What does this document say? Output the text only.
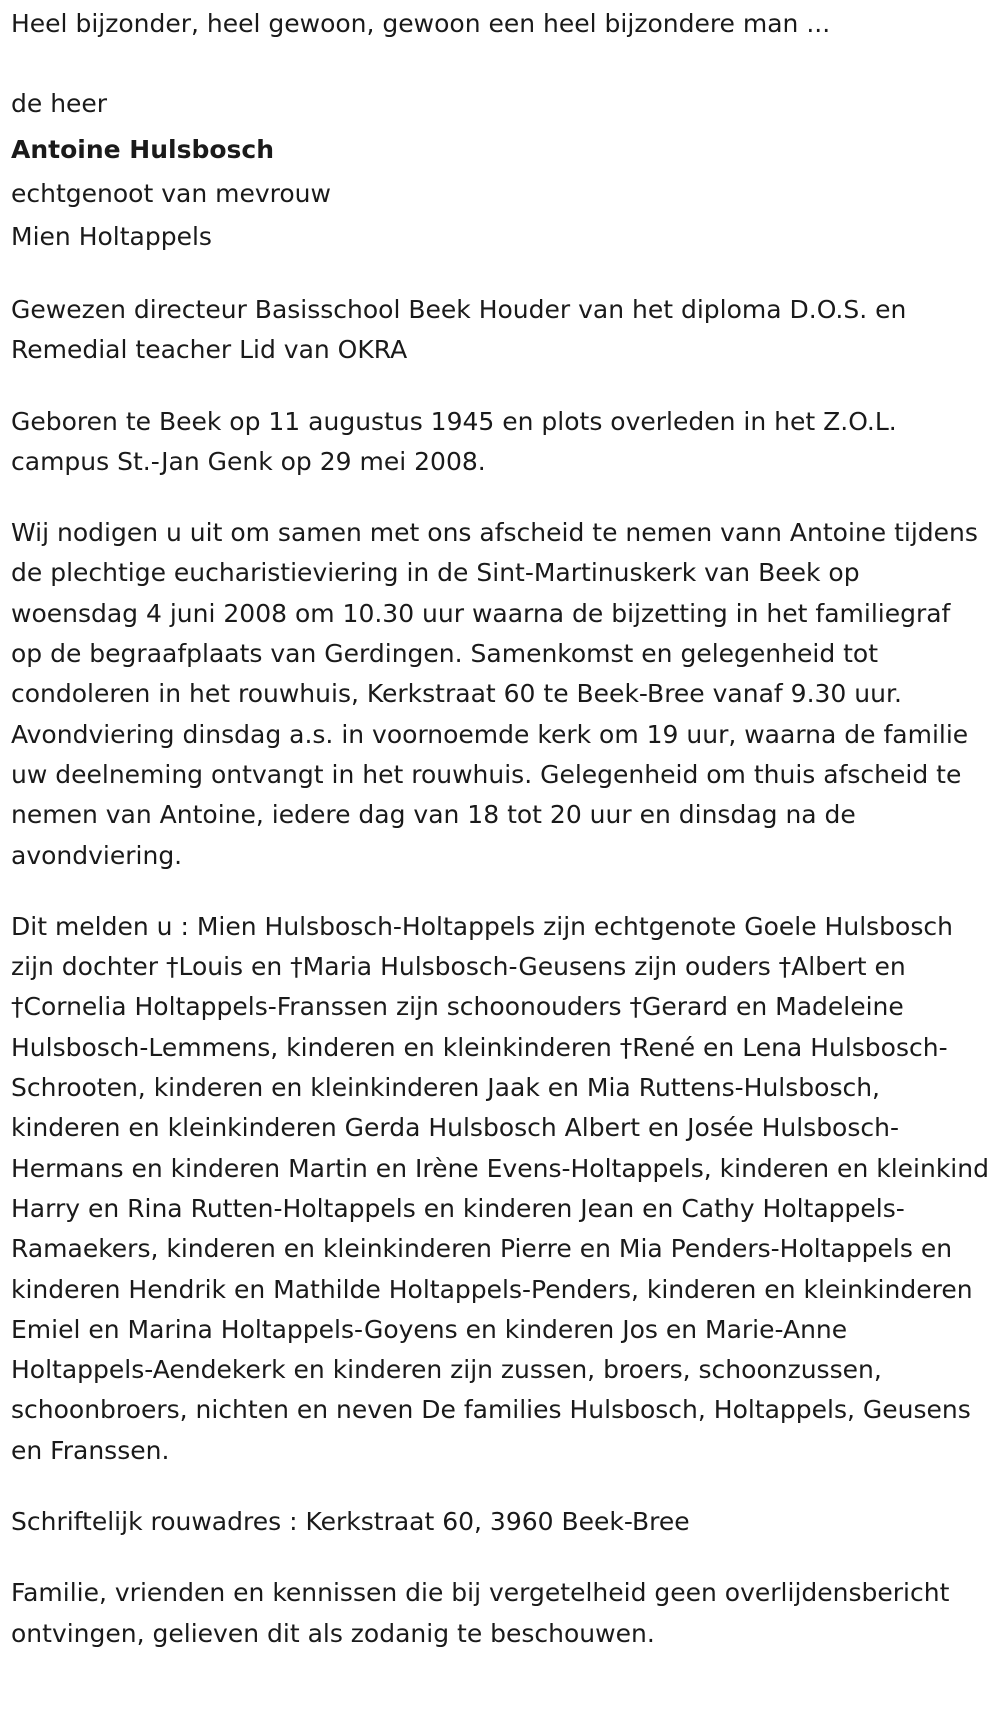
Heel bijzonder, heel gewoon, gewoon een heel bijzondere man ...

de heer

Antoine Hulsbosch

echtgenoot van mevrouw

Mien Holtappels

Gewezen directeur Basisschool Beek Houder van het diploma D.O.S. en Remedial teacher Lid van OKRA

Geboren te Beek op 11 augustus 1945 en plots overleden in het Z.O.L. campus St.-Jan Genk op 29 mei 2008.

Wij nodigen u uit om samen met ons afscheid te nemen vann Antoine tijdens de plechtige eucharistieviering in de Sint-Martinuskerk van Beek op woensdag 4 juni 2008 om 10.30 uur waarna de bijzetting in het familiegraf op de begraafplaats van Gerdingen. Samenkomst en gelegenheid tot condoleren in het rouwhuis, Kerkstraat 60 te Beek-Bree vanaf 9.30 uur. Avondviering dinsdag a.s. in voornoemde kerk om 19 uur, waarna de familie uw deelneming ontvangt in het rouwhuis. Gelegenheid om thuis afscheid te nemen van Antoine, iedere dag van 18 tot 20 uur en dinsdag na de avondviering.

Dit melden u : Mien Hulsbosch-Holtappels zijn echtgenote Goele Hulsbosch zijn dochter †Louis en †Maria Hulsbosch-Geusens zijn ouders †Albert en †Cornelia Holtappels-Franssen zijn schoonouders †Gerard en Madeleine Hulsbosch-Lemmens, kinderen en kleinkinderen †René en Lena Hulsbosch-Schrooten, kinderen en kleinkinderen Jaak en Mia Ruttens-Hulsbosch, kinderen en kleinkinderen Gerda Hulsbosch Albert en Josée Hulsbosch-Hermans en kinderen Martin en Irène Evens-Holtappels, kinderen en kleinkind Harry en Rina Rutten-Holtappels en kinderen Jean en Cathy Holtappels-Ramaekers, kinderen en kleinkinderen Pierre en Mia Penders-Holtappels en kinderen Hendrik en Mathilde Holtappels-Penders, kinderen en kleinkinderen Emiel en Marina Holtappels-Goyens en kinderen Jos en Marie-Anne Holtappels-Aendekerk en kinderen zijn zussen, broers, schoonzussen, schoonbroers, nichten en neven De families Hulsbosch, Holtappels, Geusens en Franssen.

Schriftelijk rouwadres : Kerkstraat 60, 3960 Beek-Bree

Familie, vrienden en kennissen die bij vergetelheid geen overlijdensbericht ontvingen, gelieven dit als zodanig te beschouwen.
